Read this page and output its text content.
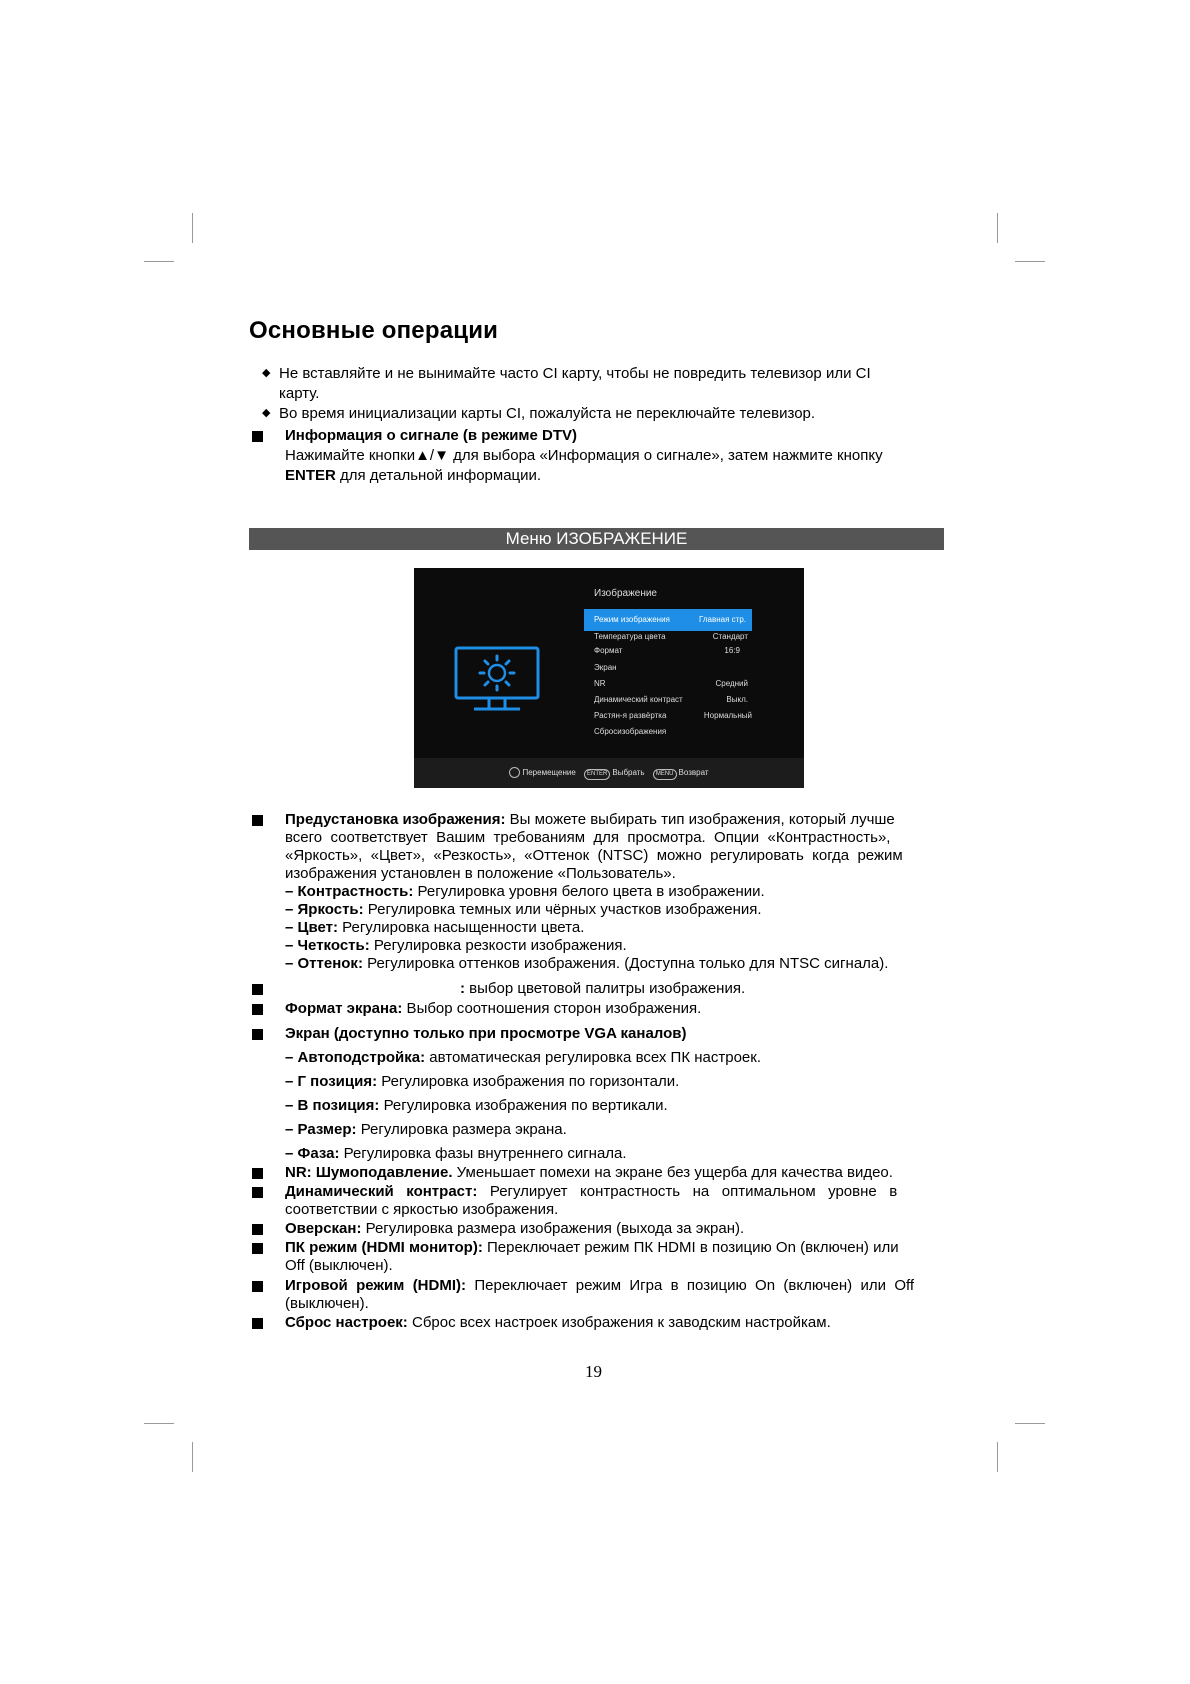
Основные операции
◆ Не вставляйте и не вынимайте часто CI карту, чтобы не повредить телевизор или CI
карту.
◆ Во время инициализации карты CI, пожалуйста не переключайте телевизор.
Информация о сигнале (в режиме DTV)
Нажимайте кнопки▲/▼ для выбора «Информация о сигнале», затем нажмите кнопку
ENTER для детальной информации.
Меню ИЗОБРАЖЕНИЕ
Изображение
Режим изображения	Главная стр.
Температура цвета	Стандарт
Формат	16:9
Экран
NR	Средний
Динамический контраст	Выкл.
Растян-я развёртка	Нормальный
Сбросизображения
Перемещение ENTER Выбрать MENU Возврат
Предустановка изображения: Вы можете выбирать тип изображения, который лучше
всего  соответствует  Вашим  требованиям  для  просмотра.  Опции  «Контрастность»,
«Яркость»,  «Цвет»,  «Резкость»,  «Оттенок  (NTSC)  можно  регулировать  когда  режим
изображения установлен в положение «Пользователь».
– Контрастность: Регулировка уровня белого цвета в изображении.
– Яркость: Регулировка темных или чёрных участков изображения.
– Цвет: Регулировка насыщенности цвета.
– Четкость: Регулировка резкости изображения.
– Оттенок: Регулировка оттенков изображения. (Доступна только для NTSC сигнала).
: выбор цветовой палитры изображения.
Формат экрана: Выбор соотношения сторон изображения.
Экран (доступно только при просмотре VGA каналов)
– Автоподстройка: автоматическая регулировка всех ПК настроек.
– Г позиция: Регулировка изображения по горизонтали.
– В позиция: Регулировка изображения по вертикали.
– Размер: Регулировка размера экрана.
– Фаза: Регулировка фазы внутреннего сигнала.
NR: Шумоподавление. Уменьшает помехи на экране без ущерба для качества видео.
Динамический   контраст:   Регулирует   контрастность   на   оптимальном   уровне   в
соответствии с яркостью изображения.
Оверскан: Регулировка размера изображения (выхода за экран).
ПК режим (HDMI монитор): Переключает режим ПК HDMI в позицию On (включен) или
Off (выключен).
Игровой  режим  (HDMI):  Переключает  режим  Игра  в  позицию  On  (включен)  или  Off
(выключен).
Сброс настроек: Сброс всех настроек изображения к заводским настройкам.
19
